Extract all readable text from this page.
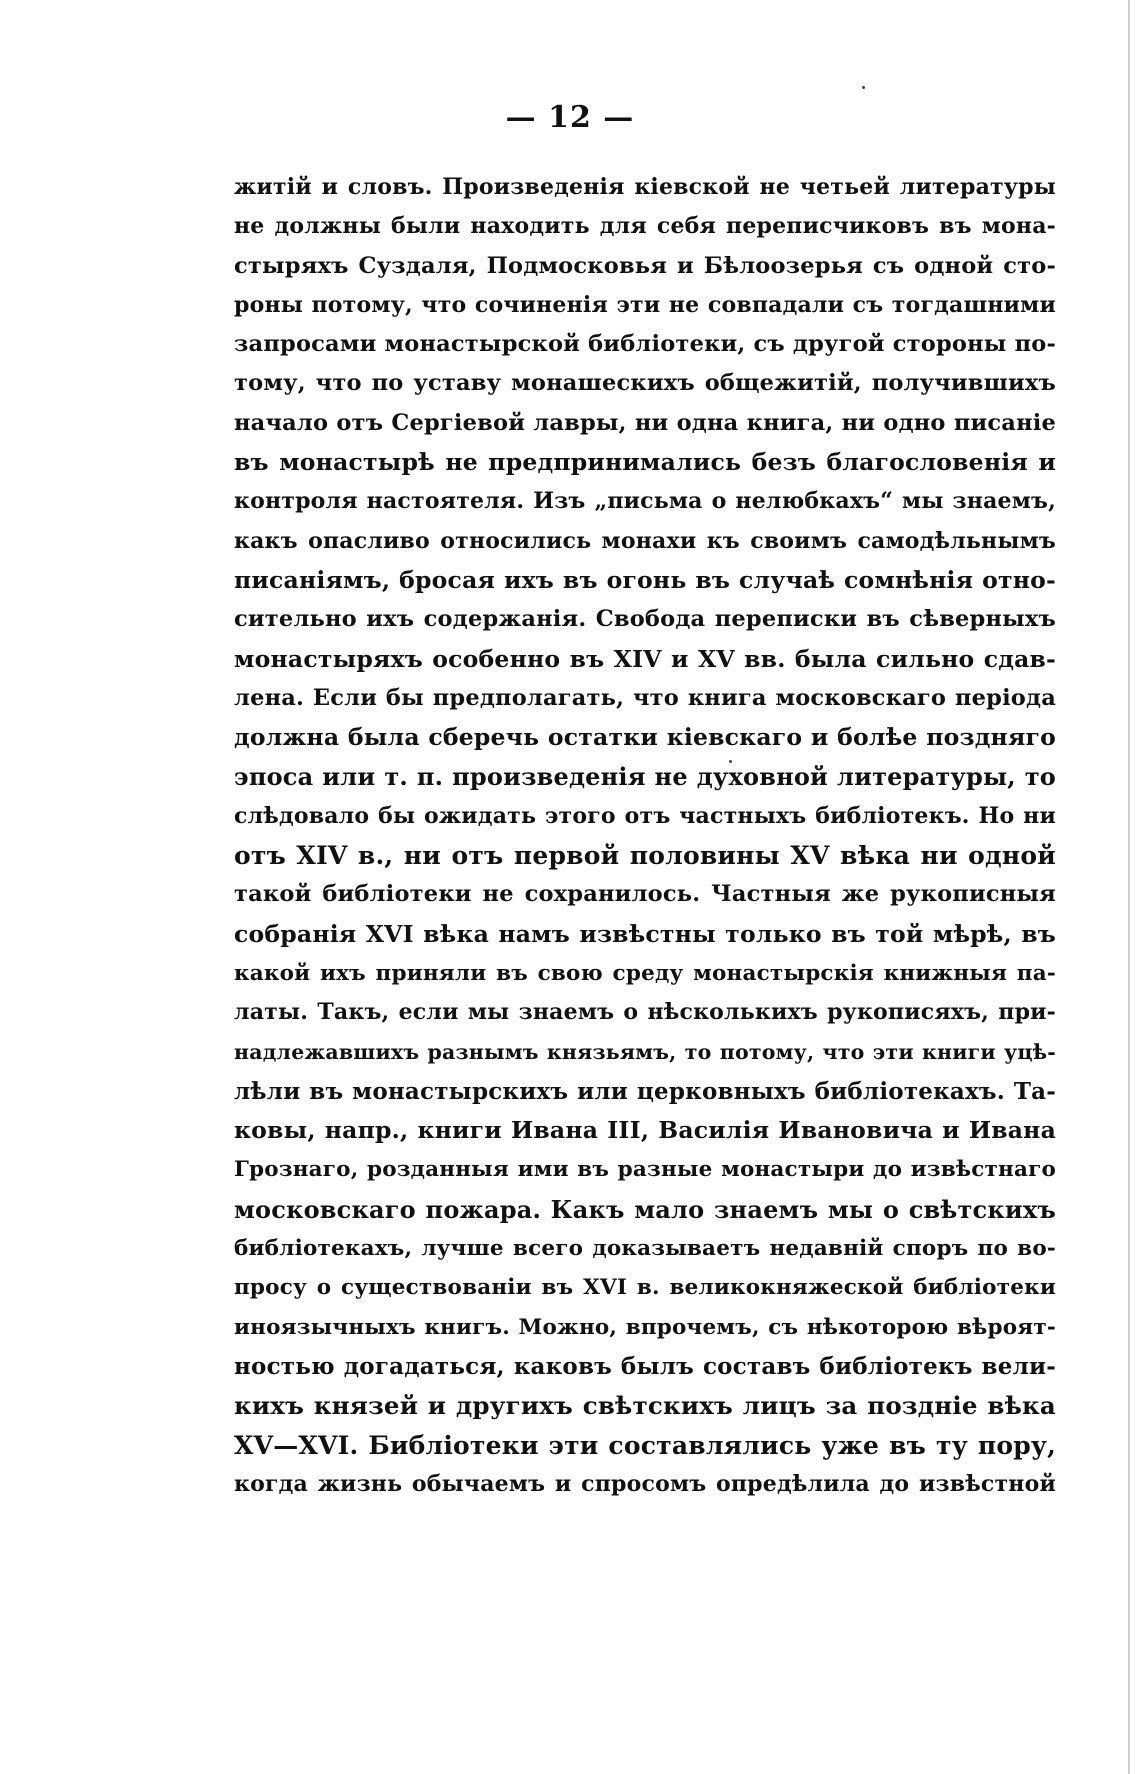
— 12 —
житій и словъ. Произведенія кіевской не четьей литературы
не должны были находить для себя переписчиковъ въ мона-
стыряхъ Суздаля, Подмосковья и Бѣлоозерья съ одной сто-
роны потому, что сочиненія эти не совпадали съ тогдашними
запросами монастырской библіотеки, съ другой стороны по-
тому, что по уставу монашескихъ общежитій, получившихъ
начало отъ Сергіевой лавры, ни одна книга, ни одно писаніе
въ монастырѣ не предпринимались безъ благословенія и
контроля настоятеля. Изъ „письма о нелюбкахъ“ мы знаемъ,
какъ опасливо относились монахи къ своимъ самодѣльнымъ
писаніямъ, бросая ихъ въ огонь въ случаѣ сомнѣнія отно-
сительно ихъ содержанія. Свобода переписки въ сѣверныхъ
монастыряхъ особенно въ XIV и XV вв. была сильно сдав-
лена. Если бы предполагать, что книга московскаго періода
должна была сберечь остатки кіевскаго и болѣе поздняго
эпоса или т. п. произведенія не духовной литературы, то
слѣдовало бы ожидать этого отъ частныхъ библіотекъ. Но ни
отъ XIV в., ни отъ первой половины XV вѣка ни одной
такой библіотеки не сохранилось. Частныя же рукописныя
собранія XVI вѣка намъ извѣстны только въ той мѣрѣ, въ
какой ихъ приняли въ свою среду монастырскія книжныя па-
латы. Такъ, если мы знаемъ о нѣсколькихъ рукописяхъ, при-
надлежавшихъ разнымъ князьямъ, то потому, что эти книги уцѣ-
лѣли въ монастырскихъ или церковныхъ библіотекахъ. Та-
ковы, напр., книги Ивана III, Василія Ивановича и Ивана
Грознаго, розданныя ими въ разные монастыри до извѣстнаго
московскаго пожара. Какъ мало знаемъ мы о свѣтскихъ
библіотекахъ, лучше всего доказываетъ недавній споръ по во-
просу о существованіи въ XVI в. великокняжеской библіотеки
иноязычныхъ книгъ. Можно, впрочемъ, съ нѣкоторою вѣроят-
ностью догадаться, каковъ былъ составъ библіотекъ вели-
кихъ князей и другихъ свѣтскихъ лицъ за поздніе вѣка
XV—XVI. Библіотеки эти составлялись уже въ ту пору,
когда жизнь обычаемъ и спросомъ опредѣлила до извѣстной
